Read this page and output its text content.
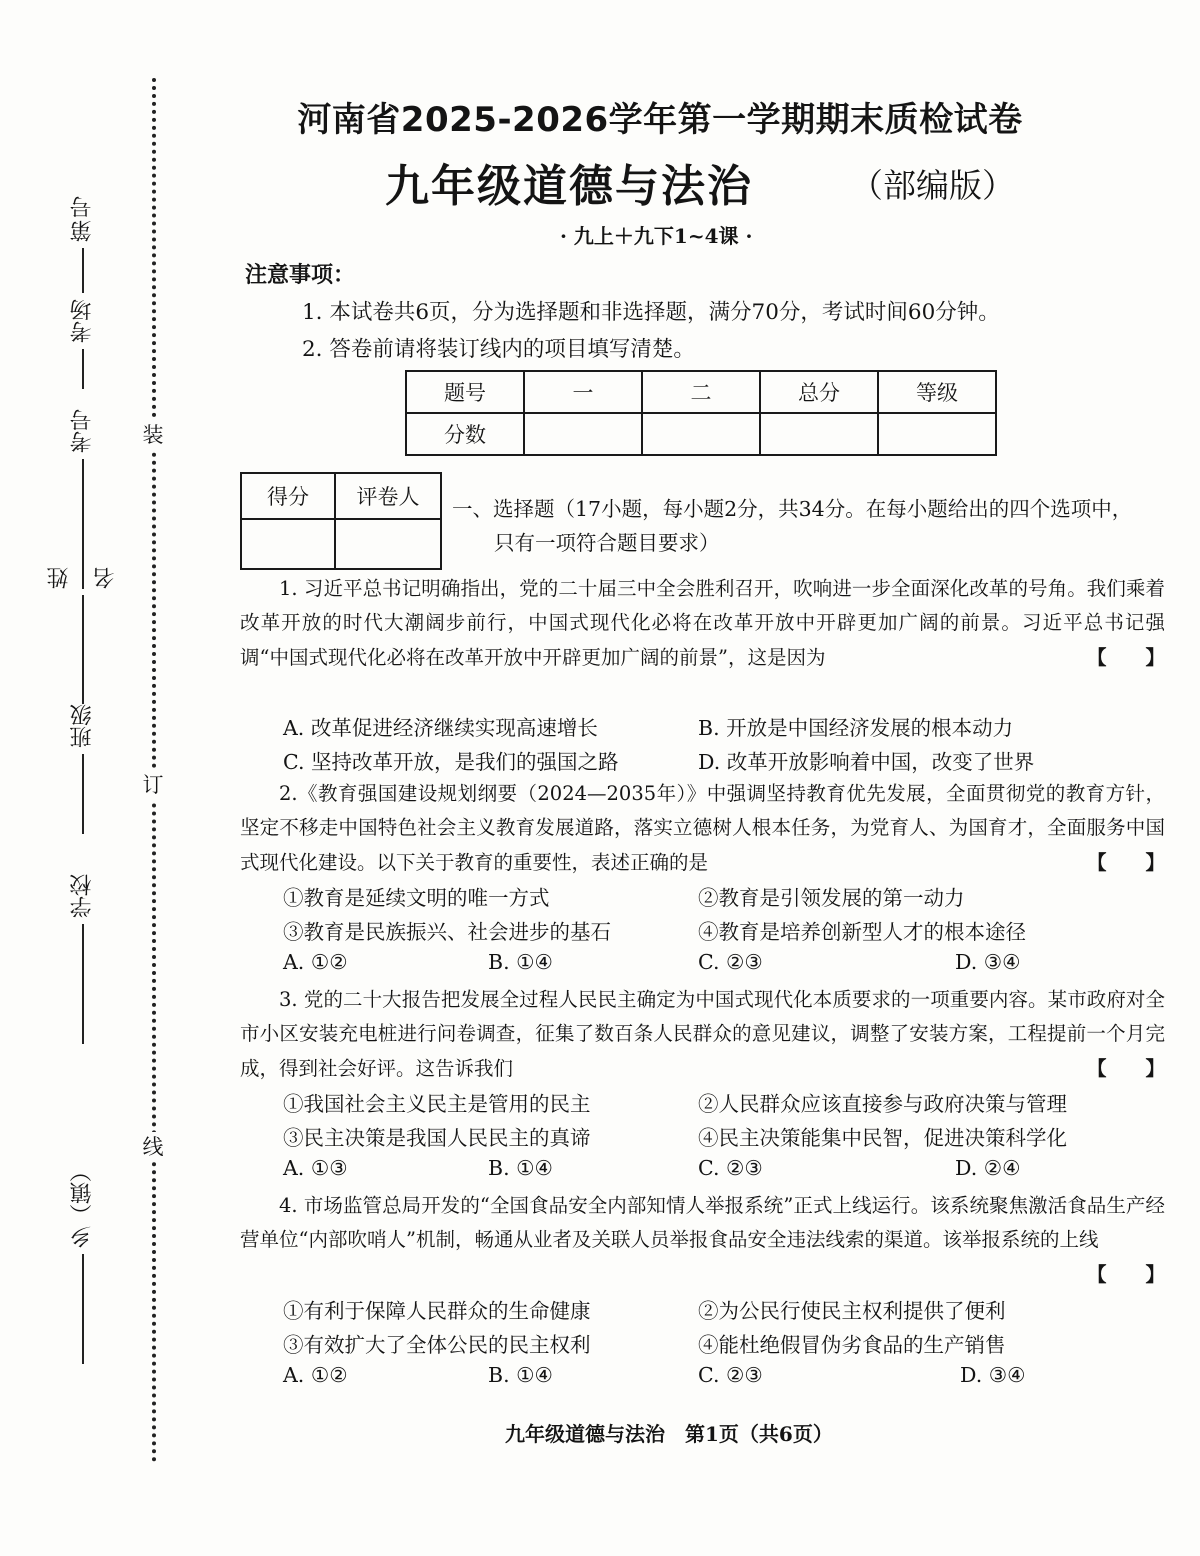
装
订
线
乡（镇）
学校
班级
姓名
考号
考场
第
号
河南省2025-2026学年第一学期期末质检试卷
九年级道德与法治	（部编版）
· 九上＋九下1~4课 ·
注意事项：
1. 本试卷共6页，分为选择题和非选择题，满分70分，考试时间60分钟。
2. 答卷前请将装订线内的项目填写清楚。
题号	一	二	总分	等级
分数				
得分	评卷人
	一、选择题（17小题，每小题2分，共34分。在每小题给出的四个选项中，
只有一项符合题目要求）

1. 习近平总书记明确指出，党的二十届三中全会胜利召开，吹响进一步全面深化改革的号角。我们乘着改革开放的时代大潮阔步前行，中国式现代化必将在改革开放中开辟更加广阔的前景。习近平总书记强调“中国式现代化必将在改革开放中开辟更加广阔的前景”，这是因为	【　　】

A. 改革促进经济继续实现高速增长	B. 开放是中国经济发展的根本动力
C. 坚持改革开放，是我们的强国之路	D. 改革开放影响着中国，改变了世界

2.《教育强国建设规划纲要（2024—2035年）》中强调坚持教育优先发展，全面贯彻党的教育方针，坚定不移走中国特色社会主义教育发展道路，落实立德树人根本任务，为党育人、为国育才，全面服务中国式现代化建设。以下关于教育的重要性，表述正确的是	【　　】

①教育是延续文明的唯一方式	②教育是引领发展的第一动力
③教育是民族振兴、社会进步的基石	④教育是培养创新型人才的根本途径
A. ①②	B. ①④	C. ②③	D. ③④

3. 党的二十大报告把发展全过程人民民主确定为中国式现代化本质要求的一项重要内容。某市政府对全市小区安装充电桩进行问卷调查，征集了数百条人民群众的意见建议，调整了安装方案，工程提前一个月完成，得到社会好评。这告诉我们	【　　】

①我国社会主义民主是管用的民主	②人民群众应该直接参与政府决策与管理
③民主决策是我国人民民主的真谛	④民主决策能集中民智，促进决策科学化
A. ①③	B. ①④	C. ②③	D. ②④

4. 市场监管总局开发的“全国食品安全内部知情人举报系统”正式上线运行。该系统聚焦激活食品生产经营单位“内部吹哨人”机制，畅通从业者及关联人员举报食品安全违法线索的渠道。该举报系统的上线
【　　】

①有利于保障人民群众的生命健康	②为公民行使民主权利提供了便利
③有效扩大了全体公民的民主权利	④能杜绝假冒伪劣食品的生产销售
A. ①②	B. ①④	C. ②③	D. ③④
九年级道德与法治　第1页（共6页）
